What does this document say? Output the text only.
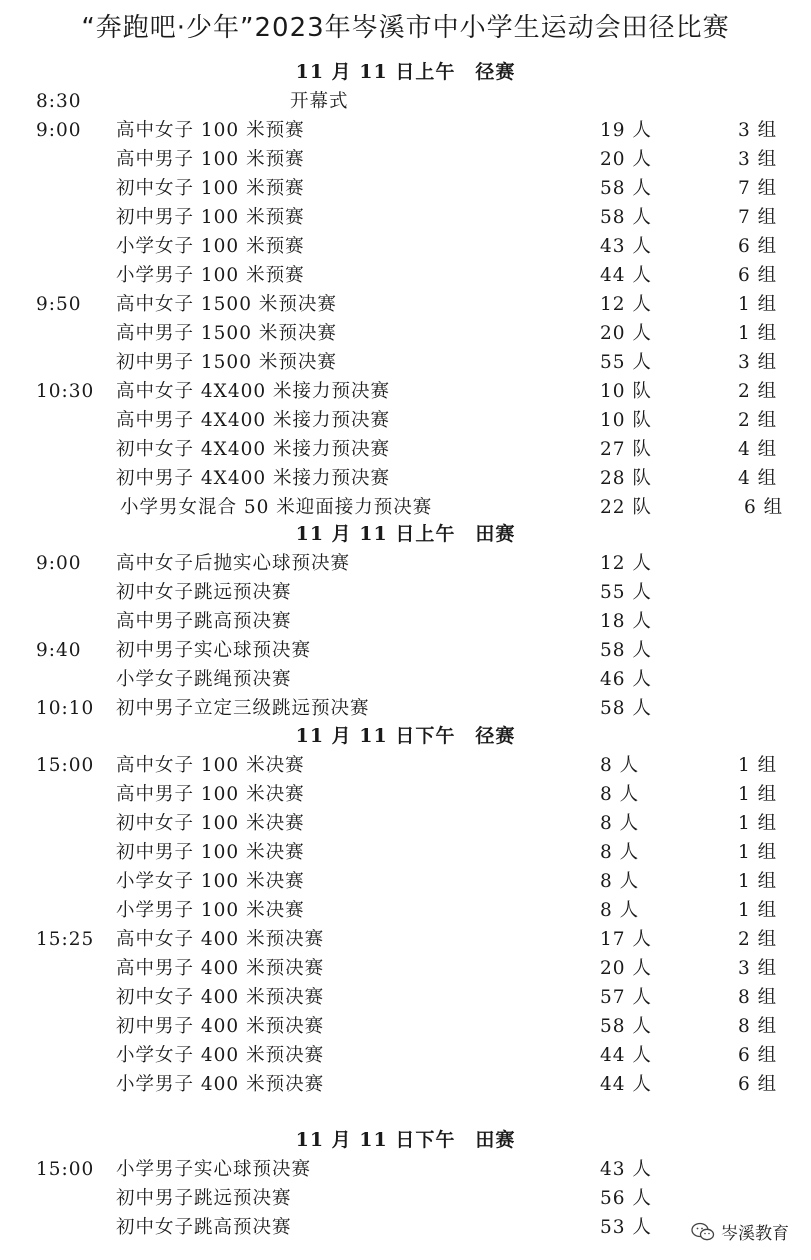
“奔跑吧·少年”2023年岑溪市中小学生运动会田径比赛
11 月 11 日上午　径赛
8:30	开幕式
9:00 高中女子 100 米预赛	19 人	3 组
高中男子 100 米预赛	20 人	3 组
初中女子 100 米预赛	58 人	7 组
初中男子 100 米预赛	58 人	7 组
小学女子 100 米预赛	43 人	6 组
小学男子 100 米预赛	44 人	6 组
9:50 高中女子 1500 米预决赛	12 人	1 组
高中男子 1500 米预决赛	20 人	1 组
初中男子 1500 米预决赛	55 人	3 组
10:30 高中女子 4X400 米接力预决赛	10 队	2 组
高中男子 4X400 米接力预决赛	10 队	2 组
初中女子 4X400 米接力预决赛	27 队	4 组
初中男子 4X400 米接力预决赛	28 队	4 组
小学男女混合 50 米迎面接力预决赛	22 队	6 组
11 月 11 日上午　田赛
9:00 高中女子后抛实心球预决赛	12 人
初中女子跳远预决赛	55 人
高中男子跳高预决赛	18 人
9:40 初中男子实心球预决赛	58 人
小学女子跳绳预决赛	46 人
10:10 初中男子立定三级跳远预决赛	58 人
11 月 11 日下午　径赛
15:00 高中女子 100 米决赛	8 人	1 组
高中男子 100 米决赛	8 人	1 组
初中女子 100 米决赛	8 人	1 组
初中男子 100 米决赛	8 人	1 组
小学女子 100 米决赛	8 人	1 组
小学男子 100 米决赛	8 人	1 组
15:25 高中女子 400 米预决赛	17 人	2 组
高中男子 400 米预决赛	20 人	3 组
初中女子 400 米预决赛	57 人	8 组
初中男子 400 米预决赛	58 人	8 组
小学女子 400 米预决赛	44 人	6 组
小学男子 400 米预决赛	44 人	6 组
11 月 11 日下午　田赛
15:00 小学男子实心球预决赛	43 人
初中男子跳远预决赛	56 人
初中女子跳高预决赛	53 人	岑溪教育
